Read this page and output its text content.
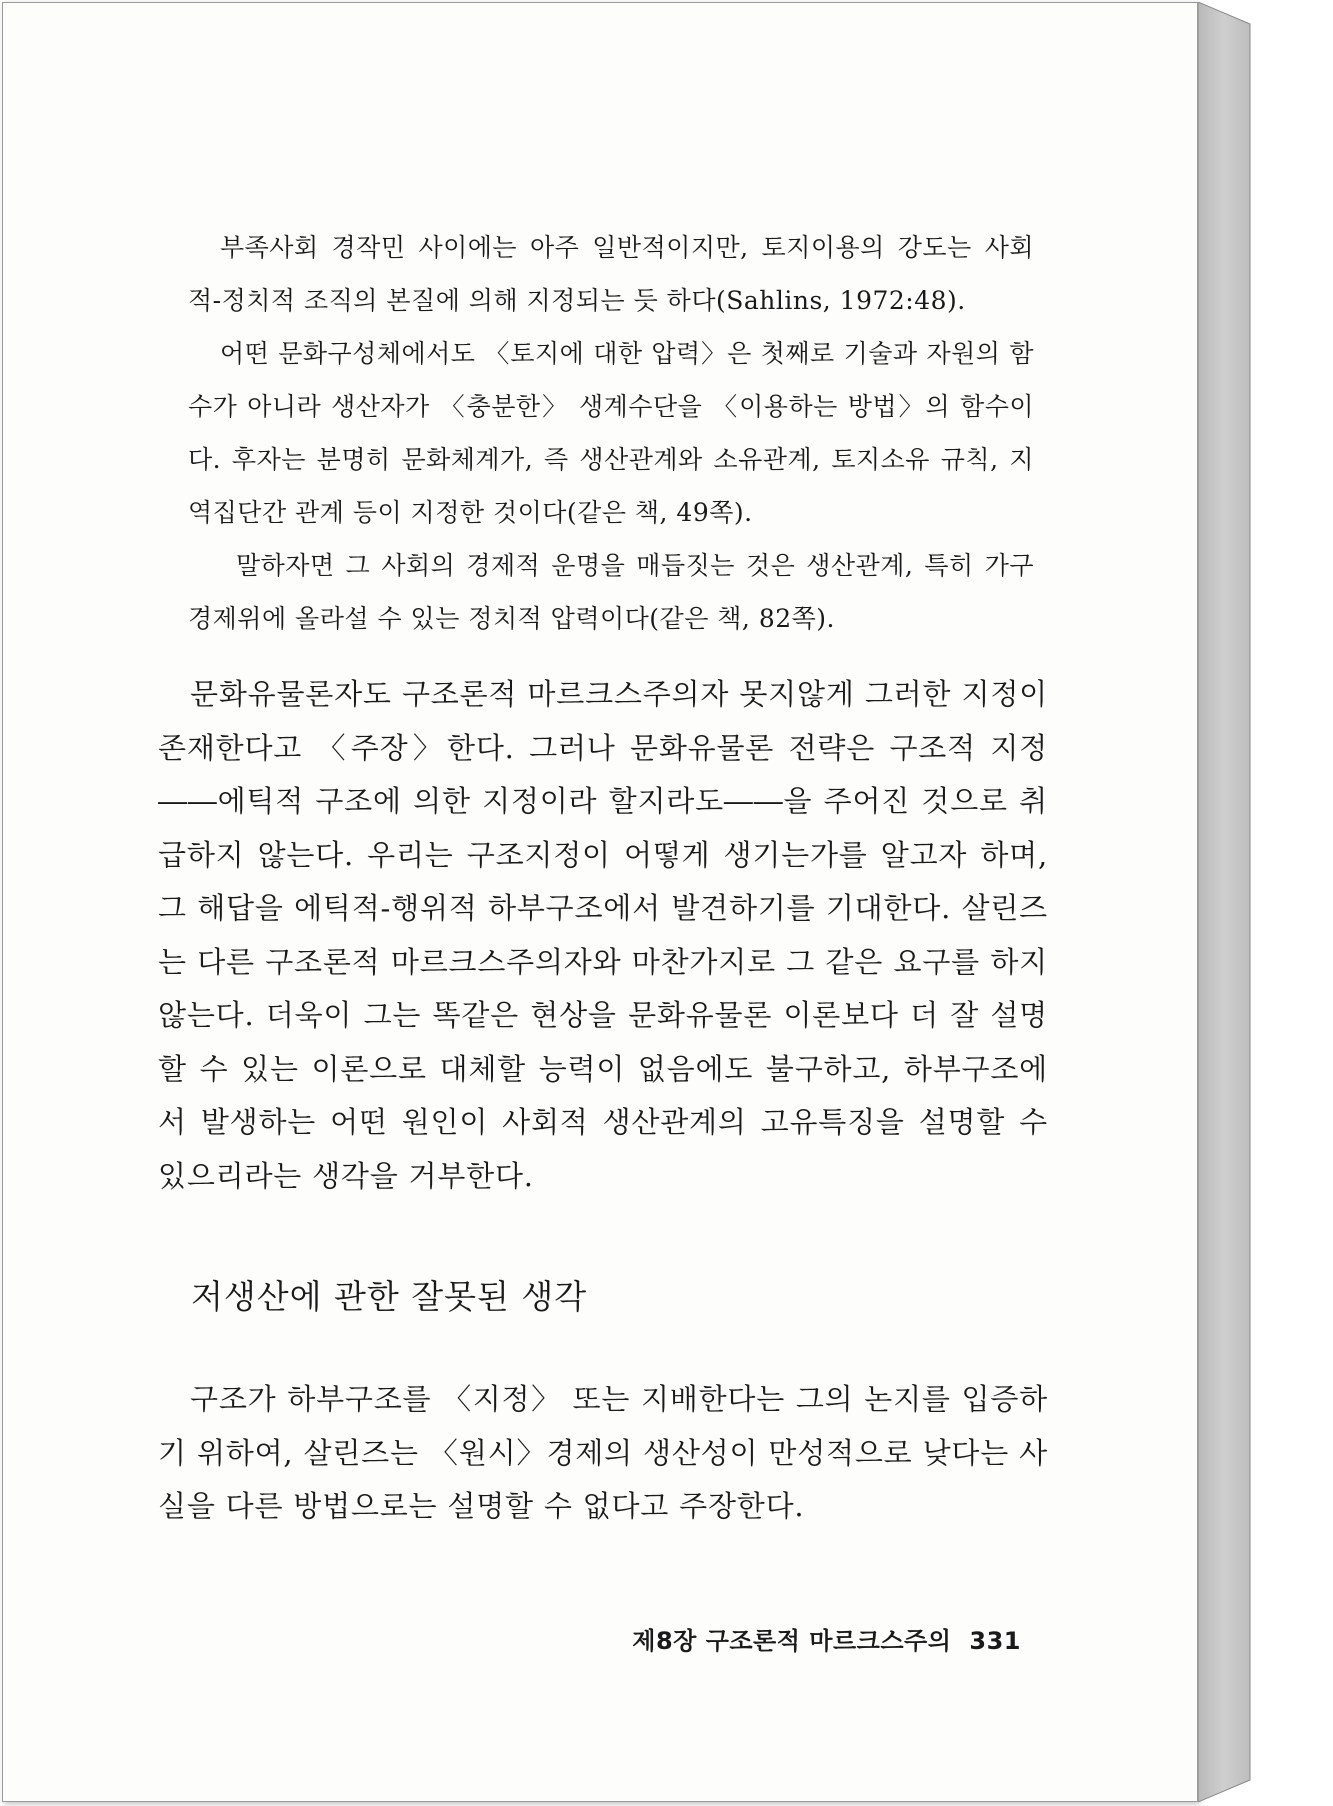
부족사회 경작민 사이에는 아주 일반적이지만, 토지이용의 강도는 사회적-정치적 조직의 본질에 의해 지정되는 듯 하다(Sahlins, 1972:48).

어떤 문화구성체에서도 〈토지에 대한 압력〉은 첫째로 기술과 자원의 함수가 아니라 생산자가 〈충분한〉 생계수단을 〈이용하는 방법〉의 함수이다. 후자는 분명히 문화체계가, 즉 생산관계와 소유관계, 토지소유 규칙, 지역집단간 관계 등이 지정한 것이다(같은 책, 49쪽).

말하자면 그 사회의 경제적 운명을 매듭짓는 것은 생산관계, 특히 가구경제위에 올라설 수 있는 정치적 압력이다(같은 책, 82쪽).

문화유물론자도 구조론적 마르크스주의자 못지않게 그러한 지정이 존재한다고 〈주장〉한다. 그러나 문화유물론 전략은 구조적 지정――에틱적 구조에 의한 지정이라 할지라도――을 주어진 것으로 취급하지 않는다. 우리는 구조지정이 어떻게 생기는가를 알고자 하며, 그 해답을 에틱적-행위적 하부구조에서 발견하기를 기대한다. 살린즈는 다른 구조론적 마르크스주의자와 마찬가지로 그 같은 요구를 하지 않는다. 더욱이 그는 똑같은 현상을 문화유물론 이론보다 더 잘 설명할 수 있는 이론으로 대체할 능력이 없음에도 불구하고, 하부구조에서 발생하는 어떤 원인이 사회적 생산관계의 고유특징을 설명할 수 있으리라는 생각을 거부한다.

저생산에 관한 잘못된 생각

구조가 하부구조를 〈지정〉 또는 지배한다는 그의 논지를 입증하기 위하여, 살린즈는 〈원시〉경제의 생산성이 만성적으로 낮다는 사실을 다른 방법으로는 설명할 수 없다고 주장한다.

제8장 구조론적 마르크스주의 331
